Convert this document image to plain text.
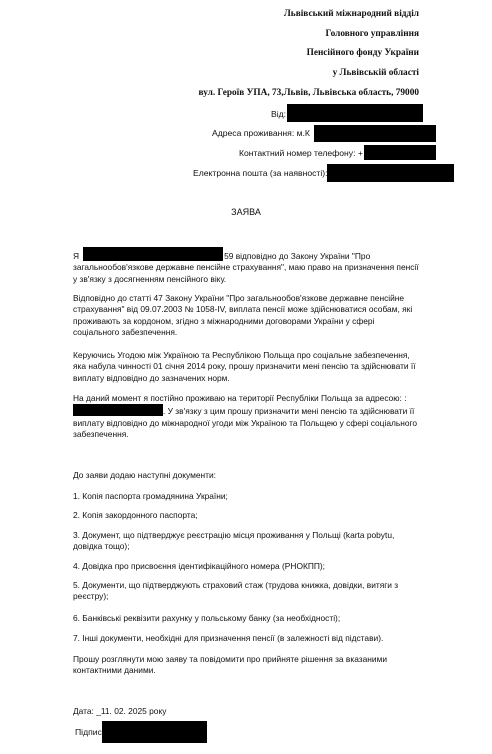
Львівський міжнародний відділ
Головного управління
Пенсійного фонду України
у Львівській області
вул. Героїв УПА, 73,Львів, Львівська область, 79000
Від:
Адреса проживання: м.К
Контактний номер телефону: +
Електронна пошта (за наявності):
ЗАЯВА

Я	59 відповідно до Закону України "Про загальнообов'язкове державне пенсійне страхування", маю право на призначення пенсії у зв'язку з досягненням пенсійного віку.

Відповідно до статті 47 Закону України "Про загальнообов'язкове державне пенсійне страхування" від 09.07.2003 № 1058-IV, виплата пенсії може здійснюватися особам, які проживають за кордоном, згідно з міжнародними договорами України у сфері соціального забезпечення.

Керуючись Угодою між Україною та Республікою Польща про соціальне забезпечення, яка набула чинності 01 січня 2014 року, прошу призначити мені пенсію та здійснювати її виплату відповідно до зазначених норм.

На даний момент я постійно проживаю на території Республіки Польща за адресою: : . У зв'язку з цим прошу призначити мені пенсію та здійснювати її виплату відповідно до міжнародної угоди між Україною та Польщею у сфері соціального забезпечення.

До заяви додаю наступні документи:
1. Копія паспорта громадянина України;
2. Копія закордонного паспорта;

3. Документ, що підтверджує реєстрацію місця проживання у Польщі (karta pobytu, довідка тощо);

4. Довідка про присвоєння ідентифікаційного номера (РНОКПП);

5. Документи, що підтверджують страховий стаж (трудова книжка, довідки, витяги з реєстру);

6. Банківські реквізити рахунку у польському банку (за необхідності);
7. Інші документи, необхідні для призначення пенсії (в залежності від підстави).

Прошу розглянути мою заяву та повідомити про прийняте рішення за вказаними контактними даними.

Дата: _11. 02. 2025 року
Підпис
